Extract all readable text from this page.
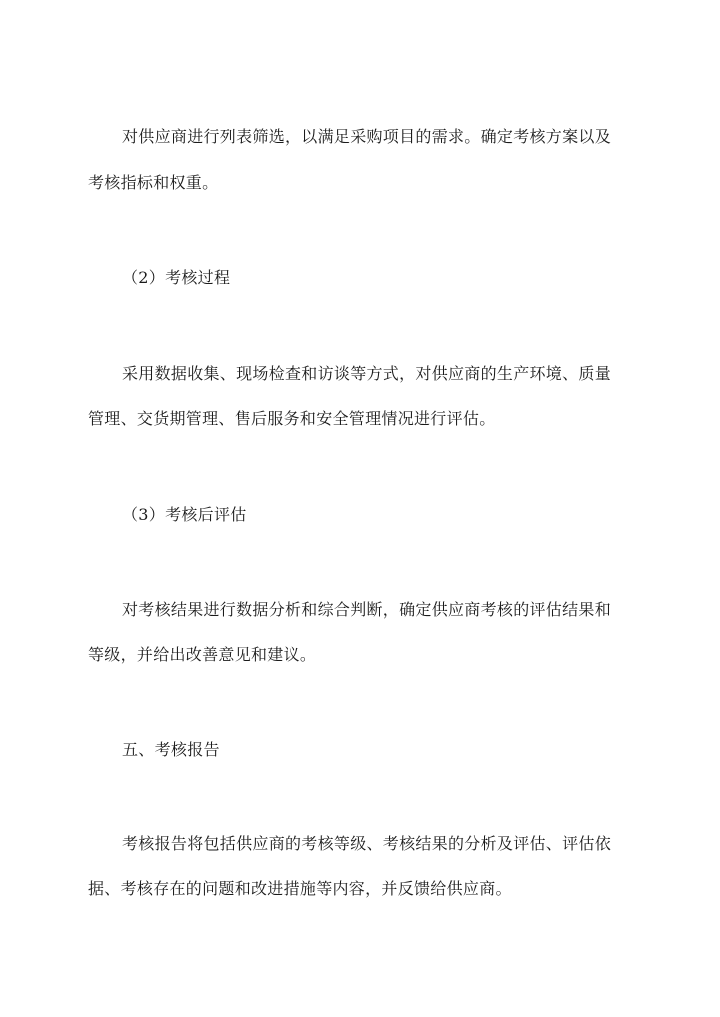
对供应商进行列表筛选，以满足采购项目的需求。确定考核方案以及
考核指标和权重。
（2）考核过程
采用数据收集、现场检查和访谈等方式，对供应商的生产环境、质量
管理、交货期管理、售后服务和安全管理情况进行评估。
（3）考核后评估
对考核结果进行数据分析和综合判断，确定供应商考核的评估结果和
等级，并给出改善意见和建议。
五、考核报告
考核报告将包括供应商的考核等级、考核结果的分析及评估、评估依
据、考核存在的问题和改进措施等内容，并反馈给供应商。
